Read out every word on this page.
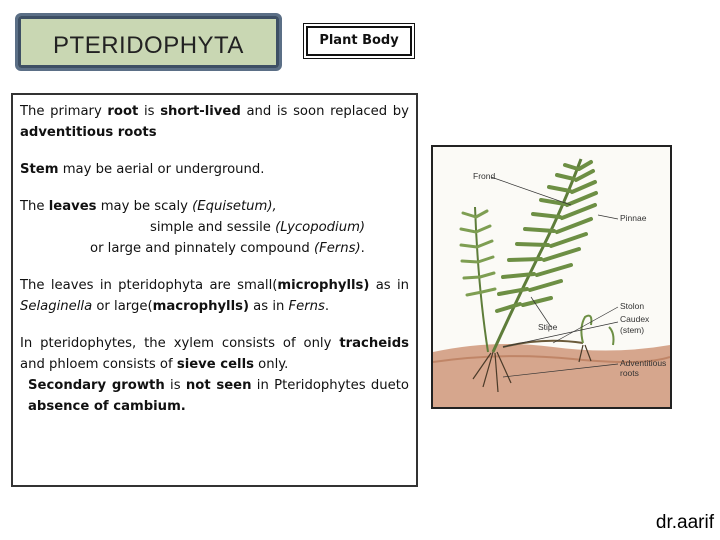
PTERIDOPHYTA	Plant Body

The primary root is short-lived and is soon replaced by adventitious roots

Stem may be aerial or underground.

The leaves may be scaly (Equisetum),
simple and sessile (Lycopodium)
or large and pinnately compound (Ferns).

The leaves in pteridophyta are small(microphylls) as in Selaginella or large(macrophylls) as in Ferns.

In pteridophytes, the xylem consists of only tracheids and phloem consists of sieve cells only.

Secondary growth is not seen in Pteridophytes dueto absence of cambium.

Frond
Pinnae
Stolon
Caudex
(stem)
Stipe
Adventitious roots
dr.aarif
